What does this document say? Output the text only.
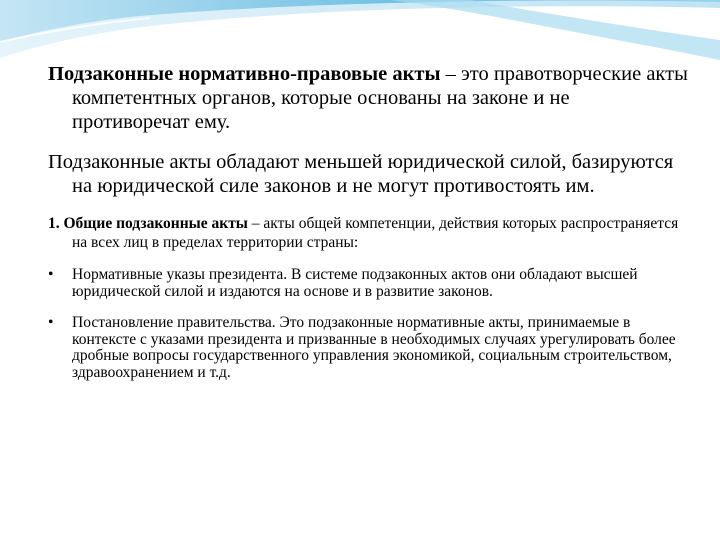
Подзаконные нормативно-правовые акты – это правотворческие акты компетентных органов, которые основаны на законе и не противоречат ему.

Подзаконные акты обладают меньшей юридической силой, базируются на юридической силе законов и не могут противостоять им.

1. Общие подзаконные акты – акты общей компетенции, действия которых распространяется на всех лиц в пределах территории страны:

• Нормативные указы президента. В системе подзаконных актов они обладают высшей юридической силой и издаются на основе и в развитие законов.
• Постановление правительства. Это подзаконные нормативные акты, принимаемые в контексте с указами президента и призванные в необходимых случаях урегулировать более дробные вопросы государственного управления экономикой, социальным строительством, здравоохранением и т.д.
